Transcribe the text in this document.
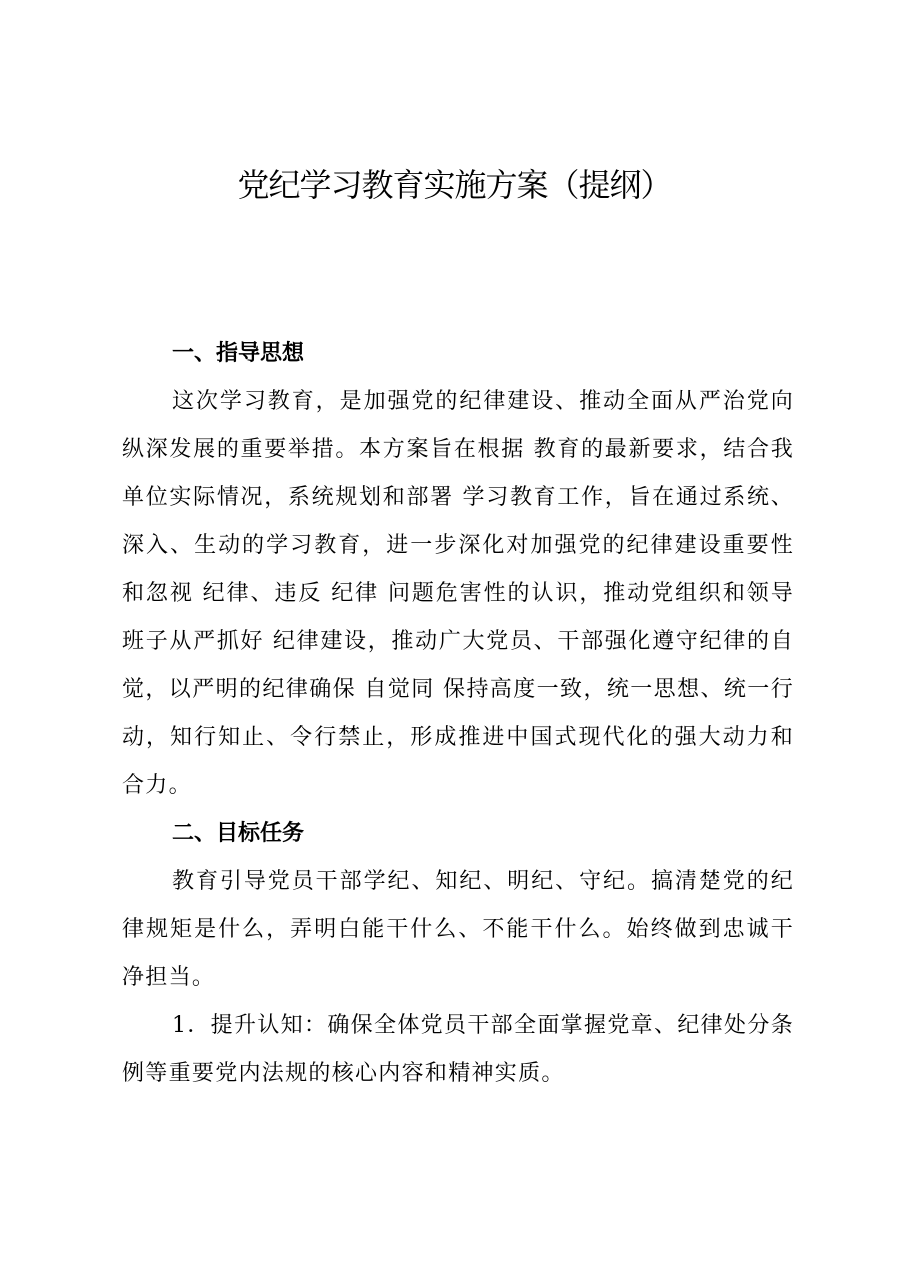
党纪学习教育实施方案（提纲）
一、指导思想

这次学习教育，是加强党的纪律建设、推动全面从严治党向纵深发展的重要举措。本方案旨在根据 教育的最新要求，结合我单位实际情况，系统规划和部署 学习教育工作，旨在通过系统、深入、生动的学习教育，进一步深化对加强党的纪律建设重要性和忽视 纪律、违反 纪律 问题危害性的认识，推动党组织和领导班子从严抓好 纪律建设，推动广大党员、干部强化遵守纪律的自觉，以严明的纪律确保 自觉同 保持高度一致，统一思想、统一行动，知行知止、令行禁止，形成推进中国式现代化的强大动力和合力。

二、目标任务

教育引导党员干部学纪、知纪、明纪、守纪。搞清楚党的纪律规矩是什么，弄明白能干什么、不能干什么。始终做到忠诚干净担当。

1．提升认知：确保全体党员干部全面掌握党章、纪律处分条例等重要党内法规的核心内容和精神实质。
